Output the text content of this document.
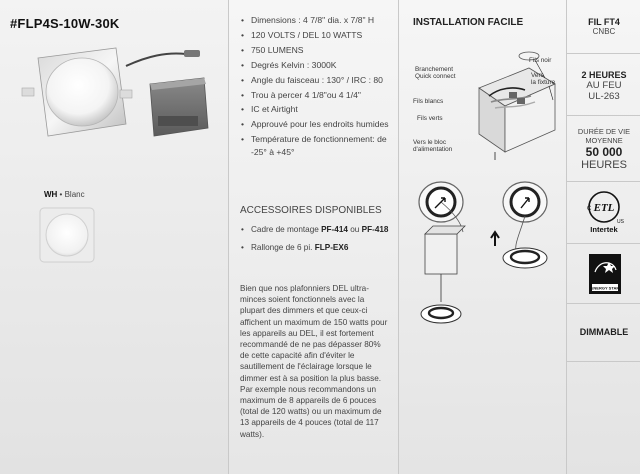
#FLP4S-10W-30K
WH • Blanc
• Dimensions : 4 7/8" dia. x 7/8" H
• 120 VOLTS / DEL 10 WATTS
• 750 LUMENS
• Degrés Kelvin : 3000K
• Angle du faisceau : 130° / IRC : 80
• Trou à percer 4 1/8"ou 4 1/4"
• IC et Airtight
• Approuvé pour les endroits humides
• Température de fonctionnement: de -25° à +45°
ACCESSOIRES DISPONIBLES
• Cadre de montage PF-414 ou PF-418
• Rallonge de 6 pi. FLP-EX6
Bien que nos plafonniers DEL ultra-minces soient fonctionnels avec la plupart des dimmers et que ceux-ci affichent un maximum de 150 watts pour les appareils au DEL, il est fortement recommandé de ne pas dépasser 80% de cette capacité afin d'éviter le sautillement de l'éclairage lorsque le dimmer est à sa position la plus basse. Par exemple nous recommandons un maximum de 8 appareils de 6 pouces (total de 120 watts) ou un maximum de 13 appareils de 4 pouces (total de 117 watts).
INSTALLATION FACILE
Fils noir
Branchement
Quick connect	Vers
la fixture
Fils blancs
Fils verts
Vers le bloc
d'alimentation
FIL FT4
CNBC
2 HEURES
AU FEU
UL-263
DURÉE DE VIE
MOYENNE
50 000
HEURES
ETL
C
US
Intertek
ENERGY STAR
DIMMABLE
